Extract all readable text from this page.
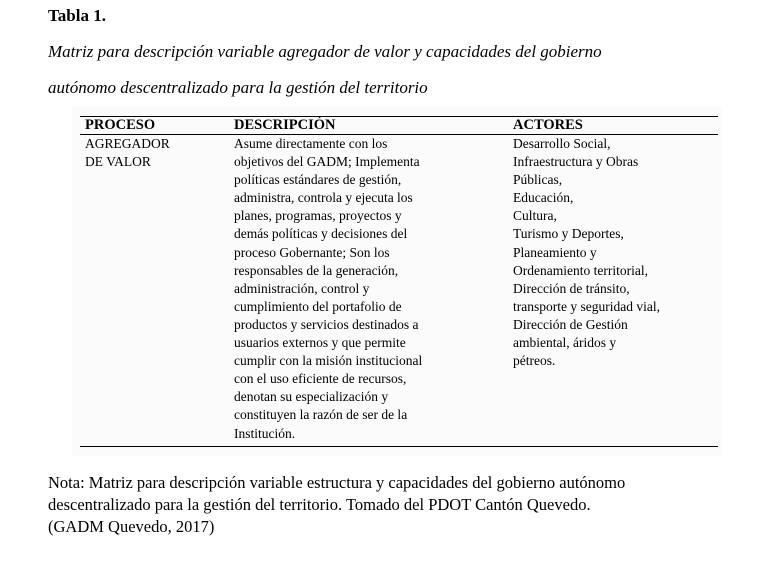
Tabla 1.

Matriz para descripción variable agregador de valor y capacidades del gobierno
autónomo descentralizado para la gestión del territorio

PROCESO	DESCRIPCIÓN	ACTORES
AGREGADOR
DE VALOR
Asume directamente con los
objetivos del GADM; Implementa
políticas estándares de gestión,
administra, controla y ejecuta los
planes, programas, proyectos y
demás políticas y decisiones del
proceso Gobernante; Son los
responsables de la generación,
administración, control y
cumplimiento del portafolio de
productos y servicios destinados a
usuarios externos y que permite
cumplir con la misión institucional
con el uso eficiente de recursos,
denotan su especialización y
constituyen la razón de ser de la
Institución.
Desarrollo Social,
Infraestructura y Obras
Públicas,
Educación,
Cultura,
Turismo y Deportes,
Planeamiento y
Ordenamiento territorial,
Dirección de tránsito,
transporte y seguridad vial,
Dirección de Gestión
ambiental, áridos y
pétreos.

Nota: Matriz para descripción variable estructura y capacidades del gobierno autónomo
descentralizado para la gestión del territorio. Tomado del PDOT Cantón Quevedo.
(GADM Quevedo, 2017)
